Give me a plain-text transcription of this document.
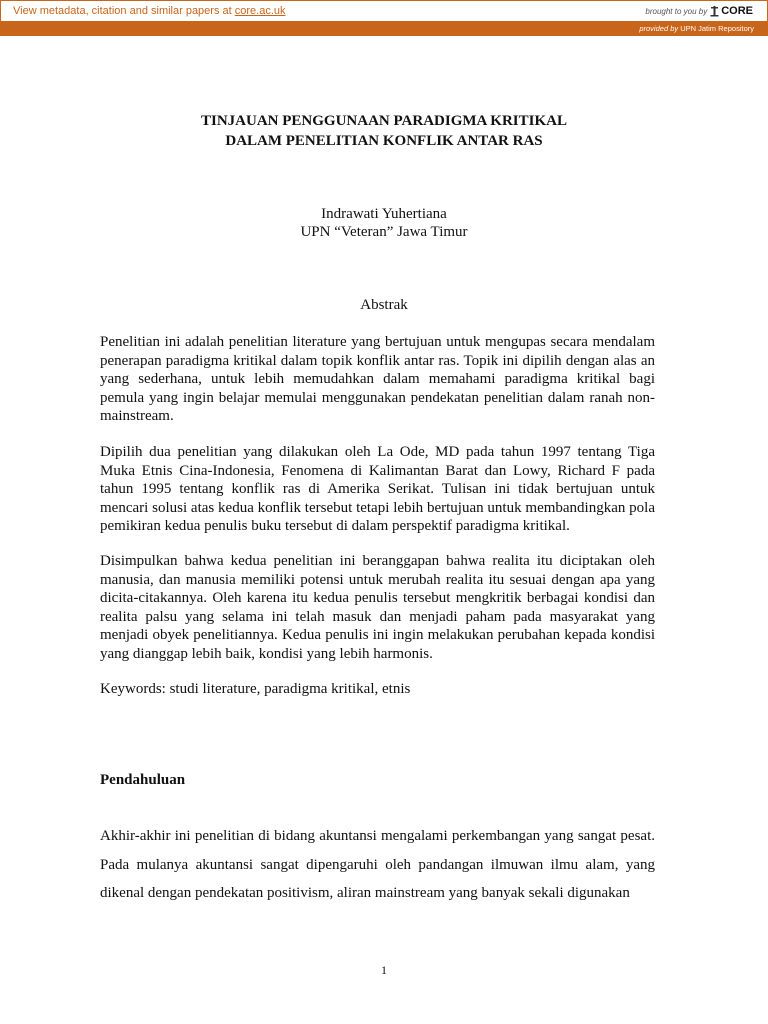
View metadata, citation and similar papers at core.ac.uk	brought to you by CORE
provided by UPN Jatim Repository
TINJAUAN PENGGUNAAN PARADIGMA KRITIKAL
DALAM PENELITIAN KONFLIK ANTAR RAS
Indrawati Yuhertiana
UPN “Veteran” Jawa Timur
Abstrak

Penelitian ini adalah penelitian literature yang bertujuan untuk mengupas secara mendalam penerapan paradigma kritikal dalam topik konflik antar ras. Topik ini dipilih dengan alas an yang sederhana, untuk lebih memudahkan dalam memahami paradigma kritikal bagi pemula yang ingin belajar memulai menggunakan pendekatan penelitian dalam ranah non-mainstream.

Dipilih dua penelitian yang dilakukan oleh La Ode, MD pada tahun 1997 tentang Tiga Muka Etnis Cina-Indonesia, Fenomena di Kalimantan Barat dan Lowy, Richard F pada tahun 1995 tentang konflik ras di Amerika Serikat. Tulisan ini tidak bertujuan untuk mencari solusi atas kedua konflik tersebut tetapi lebih bertujuan untuk membandingkan pola pemikiran kedua penulis buku tersebut di dalam perspektif paradigma kritikal.

Disimpulkan bahwa kedua penelitian ini beranggapan bahwa realita itu diciptakan oleh manusia, dan manusia memiliki potensi untuk merubah realita itu sesuai dengan apa yang dicita-citakannya. Oleh karena itu kedua penulis tersebut mengkritik berbagai kondisi dan realita palsu yang selama ini telah masuk dan menjadi paham pada masyarakat yang menjadi obyek penelitiannya. Kedua penulis ini ingin melakukan perubahan kepada kondisi yang dianggap lebih baik, kondisi yang lebih harmonis.

Keywords: studi literature, paradigma kritikal, etnis

Pendahuluan

Akhir-akhir ini penelitian di bidang akuntansi mengalami perkembangan yang sangat pesat. Pada mulanya akuntansi sangat dipengaruhi oleh pandangan ilmuwan ilmu alam, yang dikenal dengan pendekatan positivism, aliran mainstream yang banyak sekali digunakan

1
